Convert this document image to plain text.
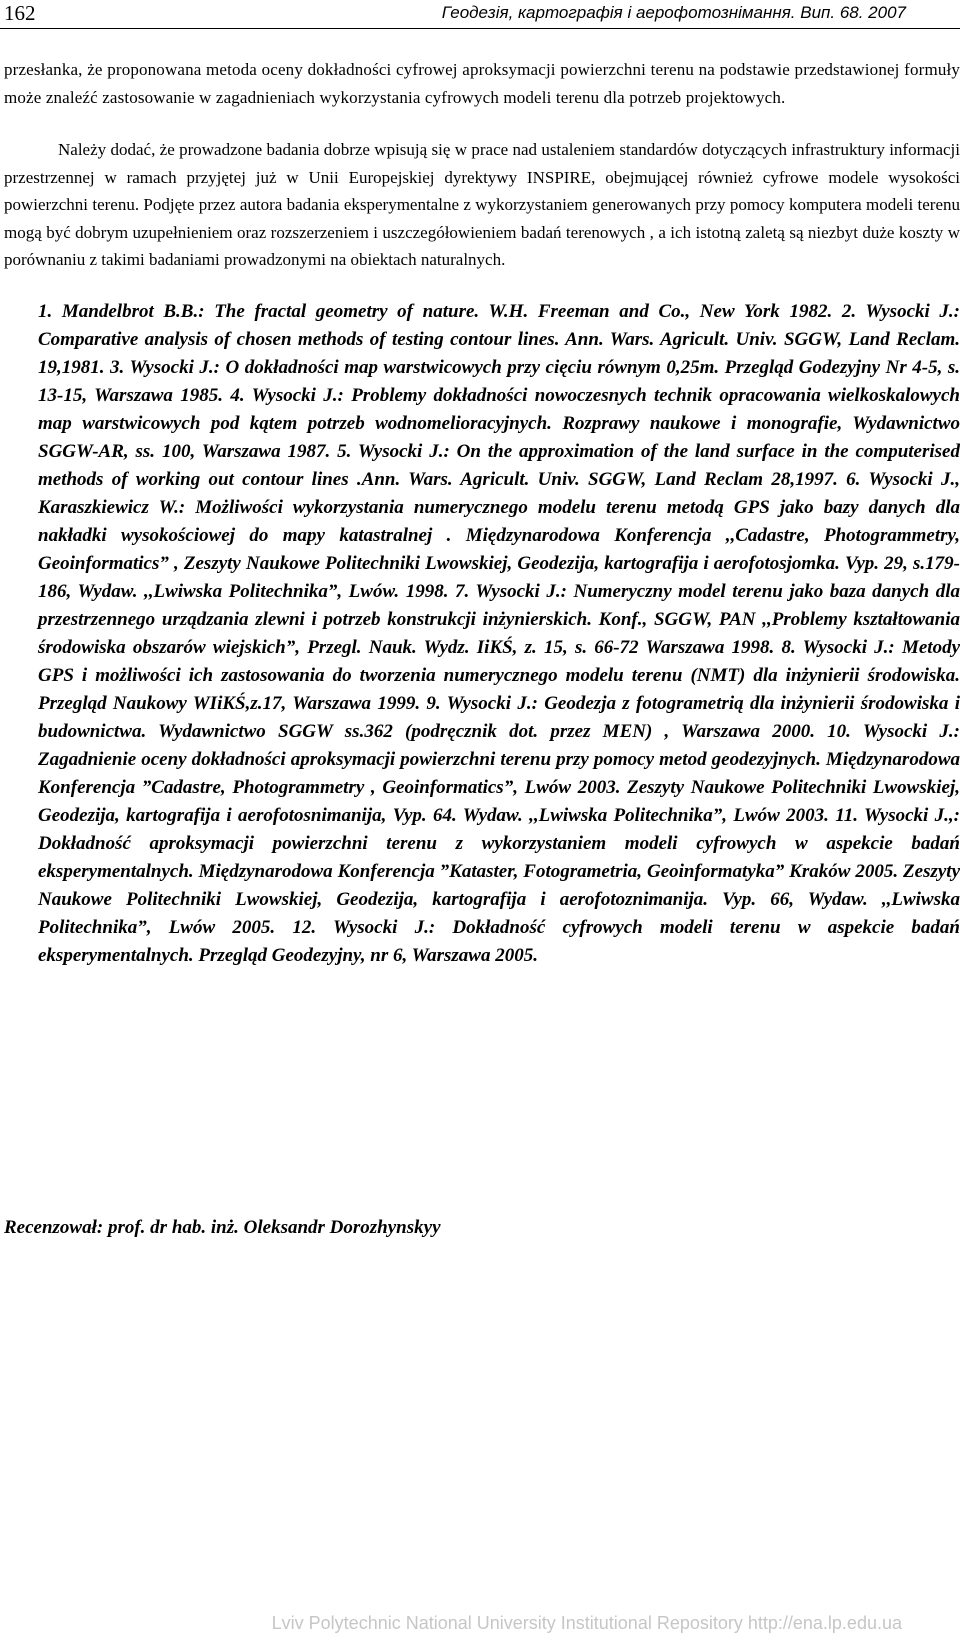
162	Геодезія, картографія і аерофотознімання. Вип. 68. 2007

przesłanka, że proponowana metoda oceny dokładności cyfrowej aproksymacji powierzchni terenu na podstawie przedstawionej formuły może znaleźć zastosowanie w zagadnieniach wykorzystania cyfrowych modeli terenu dla potrzeb projektowych.

Należy dodać, że prowadzone badania dobrze wpisują się w prace nad ustaleniem standardów dotyczących infrastruktury informacji przestrzennej w ramach przyjętej już w Unii Europejskiej dyrektywy INSPIRE, obejmującej również cyfrowe modele wysokości powierzchni terenu. Podjęte przez autora badania eksperymentalne z wykorzystaniem generowanych przy pomocy komputera modeli terenu mogą być dobrym uzupełnieniem oraz rozszerzeniem i uszczegółowieniem badań terenowych , a ich istotną zaletą są niezbyt duże koszty w porównaniu z takimi badaniami prowadzonymi na obiektach naturalnych.

1. Mandelbrot B.B.: The fractal geometry of nature. W.H. Freeman and Co., New York 1982. 2. Wysocki J.: Comparative analysis of chosen methods of testing contour lines. Ann. Wars. Agricult. Univ. SGGW, Land Reclam. 19,1981. 3. Wysocki J.: O dokładności map warstwicowych przy cięciu równym 0,25m. Przegląd Godezyjny Nr 4-5, s. 13-15, Warszawa 1985. 4. Wysocki J.: Problemy dokładności nowoczesnych technik opracowania wielkoskalowych map warstwicowych pod kątem potrzeb wodnomelioracyjnych. Rozprawy naukowe i monografie, Wydawnictwo SGGW-AR, ss. 100, Warszawa 1987. 5. Wysocki J.: On the approximation of the land surface in the computerised methods of working out contour lines .Ann. Wars. Agricult. Univ. SGGW, Land Reclam 28,1997. 6. Wysocki J., Karaszkiewicz W.: Możliwości wykorzystania numerycznego modelu terenu metodą GPS jako bazy danych dla nakładki wysokościowej do mapy katastralnej . Międzynarodowa Konferencja ,,Cadastre, Photogrammetry, Geoinformatics” , Zeszyty Naukowe Politechniki Lwowskiej, Geodezija, kartografija i aerofotosjomka. Vyp. 29, s.179-186, Wydaw. ,,Lwiwska Politechnika”, Lwów. 1998. 7. Wysocki J.: Numeryczny model terenu jako baza danych dla przestrzennego urządzania zlewni i potrzeb konstrukcji inżynierskich. Konf., SGGW, PAN ,,Problemy kształtowania środowiska obszarów wiejskich”, Przegl. Nauk. Wydz. IiKŚ, z. 15, s. 66-72 Warszawa 1998. 8. Wysocki J.: Metody GPS i możliwości ich zastosowania do tworzenia numerycznego modelu terenu (NMT) dla inżynierii środowiska. Przegląd Naukowy WIiKŚ,z.17, Warszawa 1999. 9. Wysocki J.: Geodezja z fotogrametrią dla inżynierii środowiska i budownictwa. Wydawnictwo SGGW ss.362 (podręcznik dot. przez MEN) , Warszawa 2000. 10. Wysocki J.: Zagadnienie oceny dokładności aproksymacji powierzchni terenu przy pomocy metod geodezyjnych. Międzynarodowa Konferencja ”Cadastre, Photogrammetry , Geoinformatics”, Lwów 2003. Zeszyty Naukowe Politechniki Lwowskiej, Geodezija, kartografija i aerofotosnimanija, Vyp. 64. Wydaw. ,,Lwiwska Politechnika”, Lwów 2003. 11. Wysocki J.,: Dokładność aproksymacji powierzchni terenu z wykorzystaniem modeli cyfrowych w aspekcie badań eksperymentalnych. Międzynarodowa Konferencja ”Kataster, Fotogrametria, Geoinformatyka” Kraków 2005. Zeszyty Naukowe Politechniki Lwowskiej, Geodezija, kartografija i aerofotoznimanija. Vyp. 66, Wydaw. ,,Lwiwska Politechnika”, Lwów 2005. 12. Wysocki J.: Dokładność cyfrowych modeli terenu w aspekcie badań eksperymentalnych. Przegląd Geodezyjny, nr 6, Warszawa 2005.
Recenzował: prof. dr hab. inż. Oleksandr Dorozhynskyy
Lviv Polytechnic National University Institutional Repository http://ena.lp.edu.ua
